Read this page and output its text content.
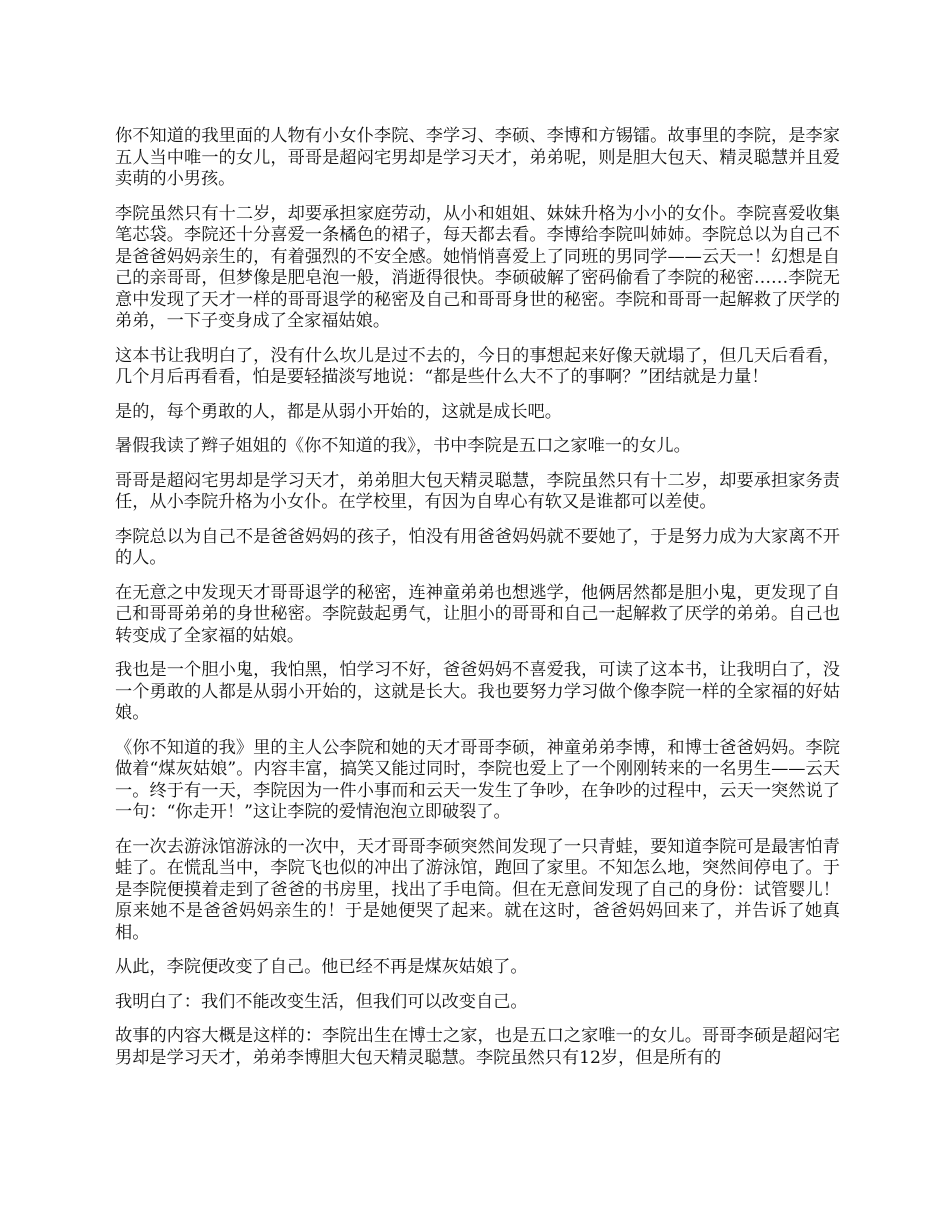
你不知道的我里面的人物有小女仆李院、李学习、李硕、李博和方锡镭。故事里的李院，是李家五人当中唯一的女儿，哥哥是超闷宅男却是学习天才，弟弟呢，则是胆大包天、精灵聪慧并且爱卖萌的小男孩。

李院虽然只有十二岁，却要承担家庭劳动，从小和姐姐、妹妹升格为小小的女仆。李院喜爱收集笔芯袋。李院还十分喜爱一条橘色的裙子，每天都去看。李博给李院叫姉姉。李院总以为自己不是爸爸妈妈亲生的，有着强烈的不安全感。她悄悄喜爱上了同班的男同学——云天一！幻想是自己的亲哥哥，但梦像是肥皂泡一般，消逝得很快。李硕破解了密码偷看了李院的秘密……李院无意中发现了天才一样的哥哥退学的秘密及自己和哥哥身世的秘密。李院和哥哥一起解救了厌学的弟弟，一下子变身成了全家福姑娘。

这本书让我明白了，没有什么坎儿是过不去的，今日的事想起来好像天就塌了，但几天后看看，几个月后再看看，怕是要轻描淡写地说：“都是些什么大不了的事啊？”团结就是力量！

是的，每个勇敢的人，都是从弱小开始的，这就是成长吧。

暑假我读了辫子姐姐的《你不知道的我》，书中李院是五口之家唯一的女儿。

哥哥是超闷宅男却是学习天才，弟弟胆大包天精灵聪慧，李院虽然只有十二岁，却要承担家务责任，从小李院升格为小女仆。在学校里，有因为自卑心有软又是谁都可以差使。

李院总以为自己不是爸爸妈妈的孩子，怕没有用爸爸妈妈就不要她了，于是努力成为大家离不开的人。

在无意之中发现天才哥哥退学的秘密，连神童弟弟也想逃学，他俩居然都是胆小鬼，更发现了自己和哥哥弟弟的身世秘密。李院鼓起勇气，让胆小的哥哥和自己一起解救了厌学的弟弟。自己也转变成了全家福的姑娘。

我也是一个胆小鬼，我怕黑，怕学习不好，爸爸妈妈不喜爱我，可读了这本书，让我明白了，没一个勇敢的人都是从弱小开始的，这就是长大。我也要努力学习做个像李院一样的全家福的好姑娘。

《你不知道的我》里的主人公李院和她的天才哥哥李硕，神童弟弟李博，和博士爸爸妈妈。李院做着“煤灰姑娘”。内容丰富，搞笑又能过同时，李院也爱上了一个刚刚转来的一名男生——云天一。终于有一天，李院因为一件小事而和云天一发生了争吵，在争吵的过程中，云天一突然说了一句：“你走开！”这让李院的爱情泡泡立即破裂了。

在一次去游泳馆游泳的一次中，天才哥哥李硕突然间发现了一只青蛙，要知道李院可是最害怕青蛙了。在慌乱当中，李院飞也似的冲出了游泳馆，跑回了家里。不知怎么地，突然间停电了。于是李院便摸着走到了爸爸的书房里，找出了手电筒。但在无意间发现了自己的身份：试管婴儿！原来她不是爸爸妈妈亲生的！于是她便哭了起来。就在这时，爸爸妈妈回来了，并告诉了她真相。

从此，李院便改变了自己。他已经不再是煤灰姑娘了。

我明白了：我们不能改变生活，但我们可以改变自己。

故事的内容大概是这样的：李院出生在博士之家，也是五口之家唯一的女儿。哥哥李硕是超闷宅男却是学习天才，弟弟李博胆大包天精灵聪慧。李院虽然只有12岁，但是所有的
